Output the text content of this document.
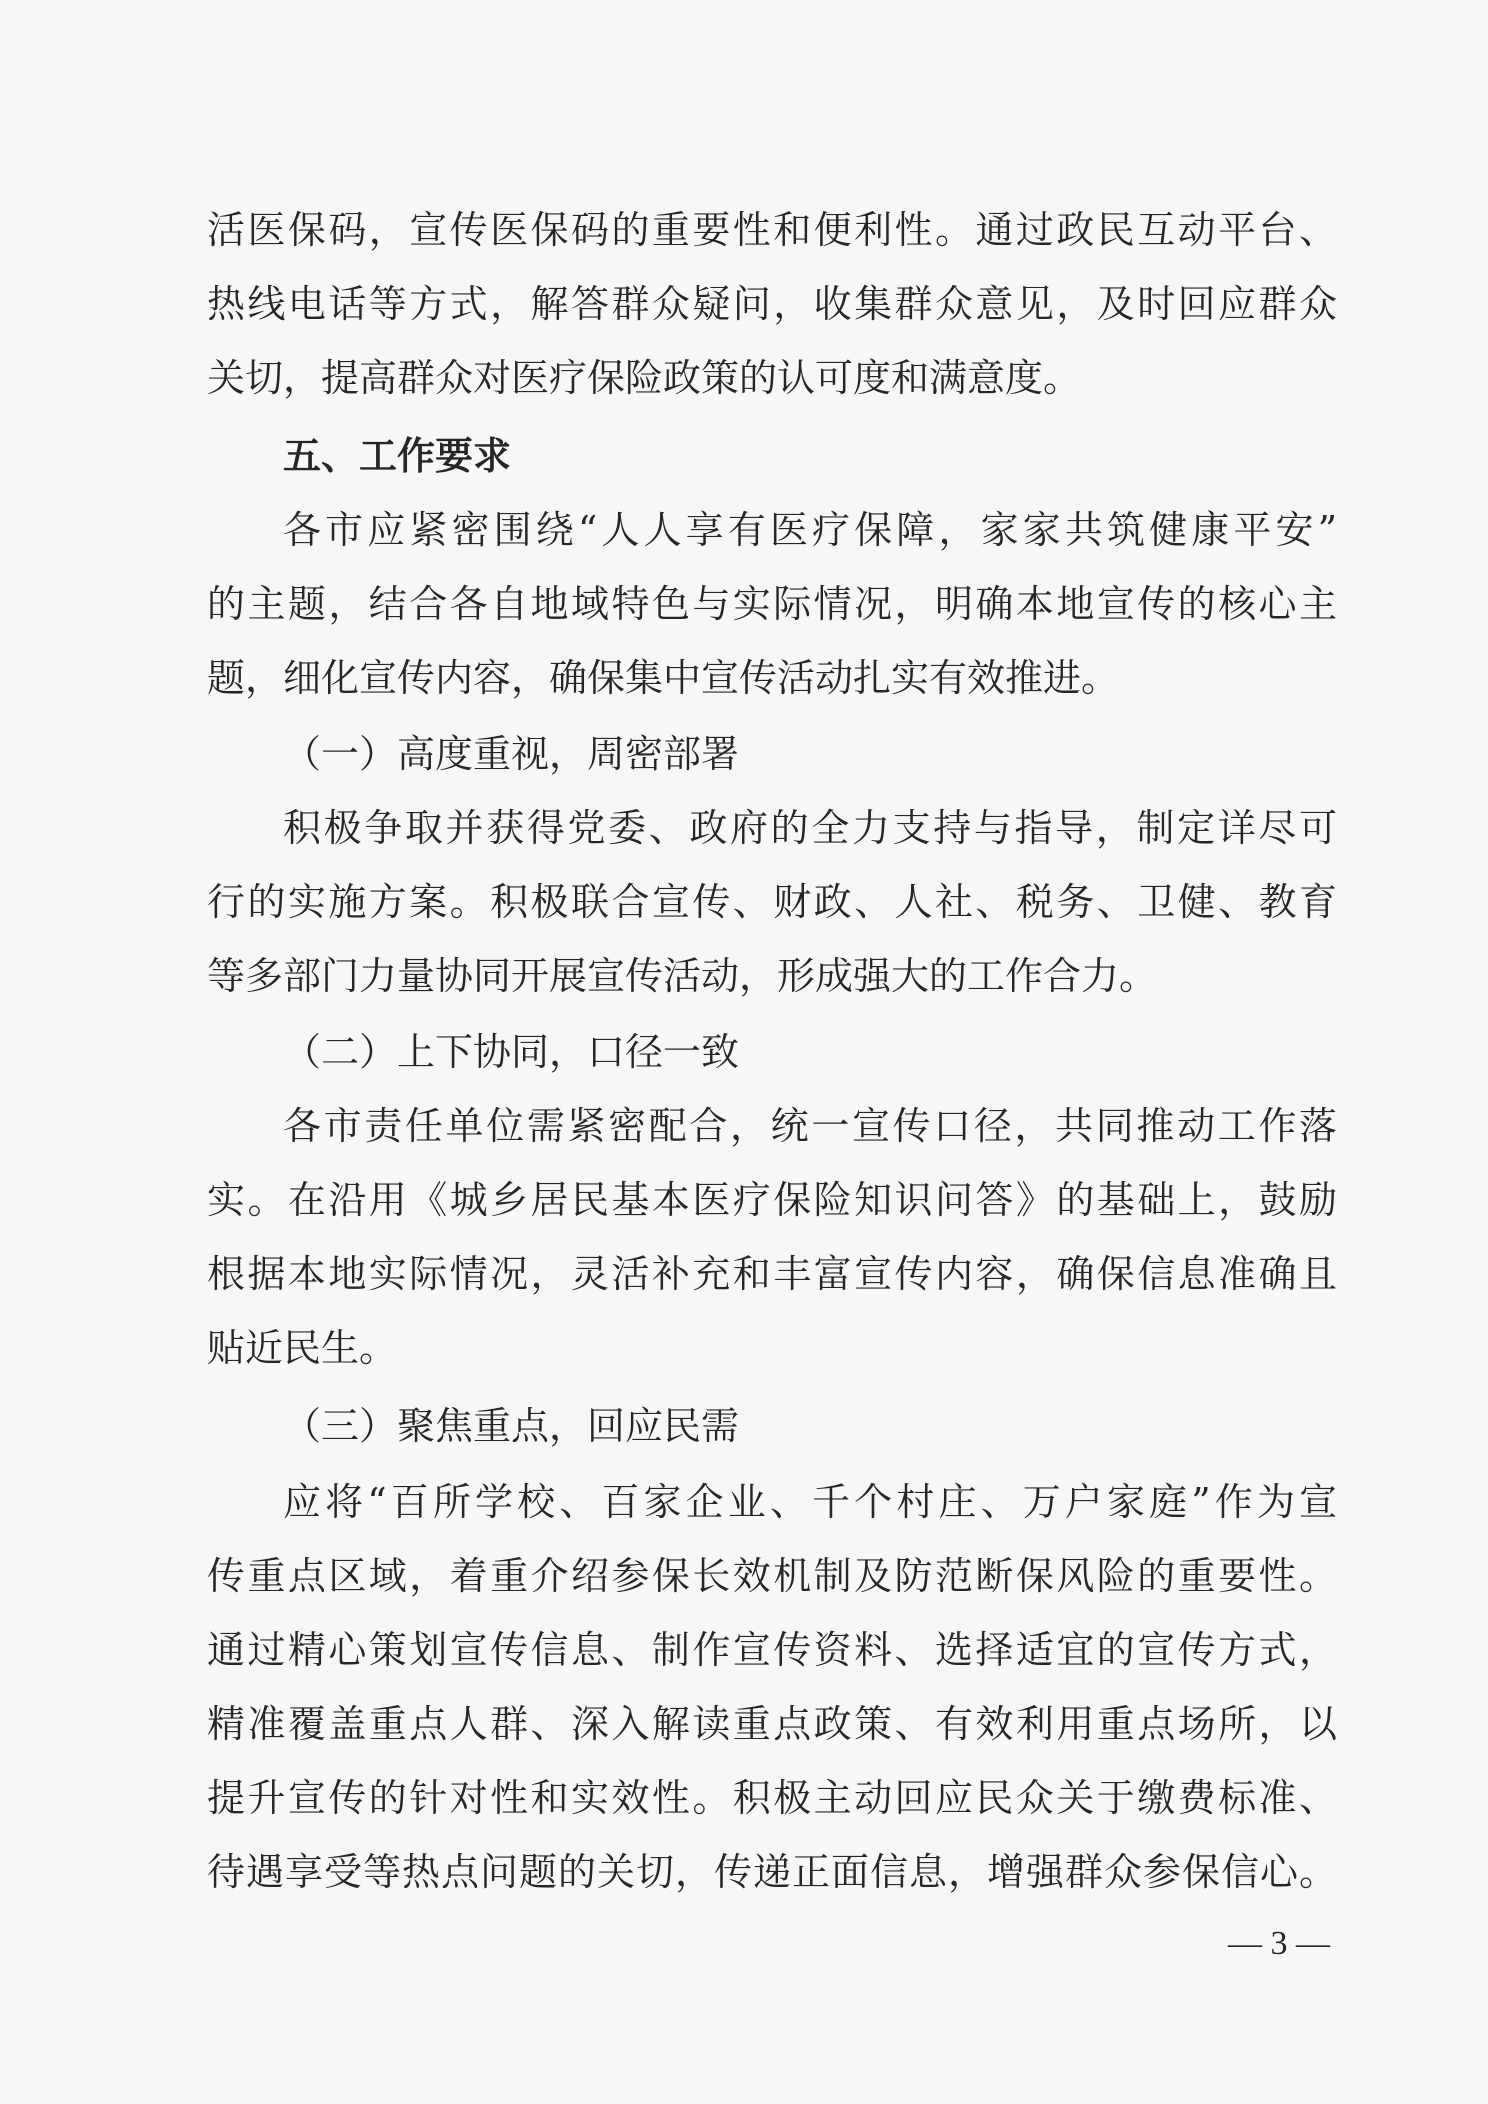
活医保码，宣传医保码的重要性和便利性。通过政民互动平台、
热线电话等方式，解答群众疑问，收集群众意见，及时回应群众
关切，提高群众对医疗保险政策的认可度和满意度。
五、工作要求
各市应紧密围绕“人人享有医疗保障，家家共筑健康平安”
的主题，结合各自地域特色与实际情况，明确本地宣传的核心主
题，细化宣传内容，确保集中宣传活动扎实有效推进。
（一）高度重视，周密部署
积极争取并获得党委、政府的全力支持与指导，制定详尽可
行的实施方案。积极联合宣传、财政、人社、税务、卫健、教育
等多部门力量协同开展宣传活动，形成强大的工作合力。
（二）上下协同，口径一致
各市责任单位需紧密配合，统一宣传口径，共同推动工作落
实。在沿用《城乡居民基本医疗保险知识问答》的基础上，鼓励
根据本地实际情况，灵活补充和丰富宣传内容，确保信息准确且
贴近民生。
（三）聚焦重点，回应民需
应将“百所学校、百家企业、千个村庄、万户家庭”作为宣
传重点区域，着重介绍参保长效机制及防范断保风险的重要性。
通过精心策划宣传信息、制作宣传资料、选择适宜的宣传方式，
精准覆盖重点人群、深入解读重点政策、有效利用重点场所，以
提升宣传的针对性和实效性。积极主动回应民众关于缴费标准、
待遇享受等热点问题的关切，传递正面信息，增强群众参保信心。
— 3 —
